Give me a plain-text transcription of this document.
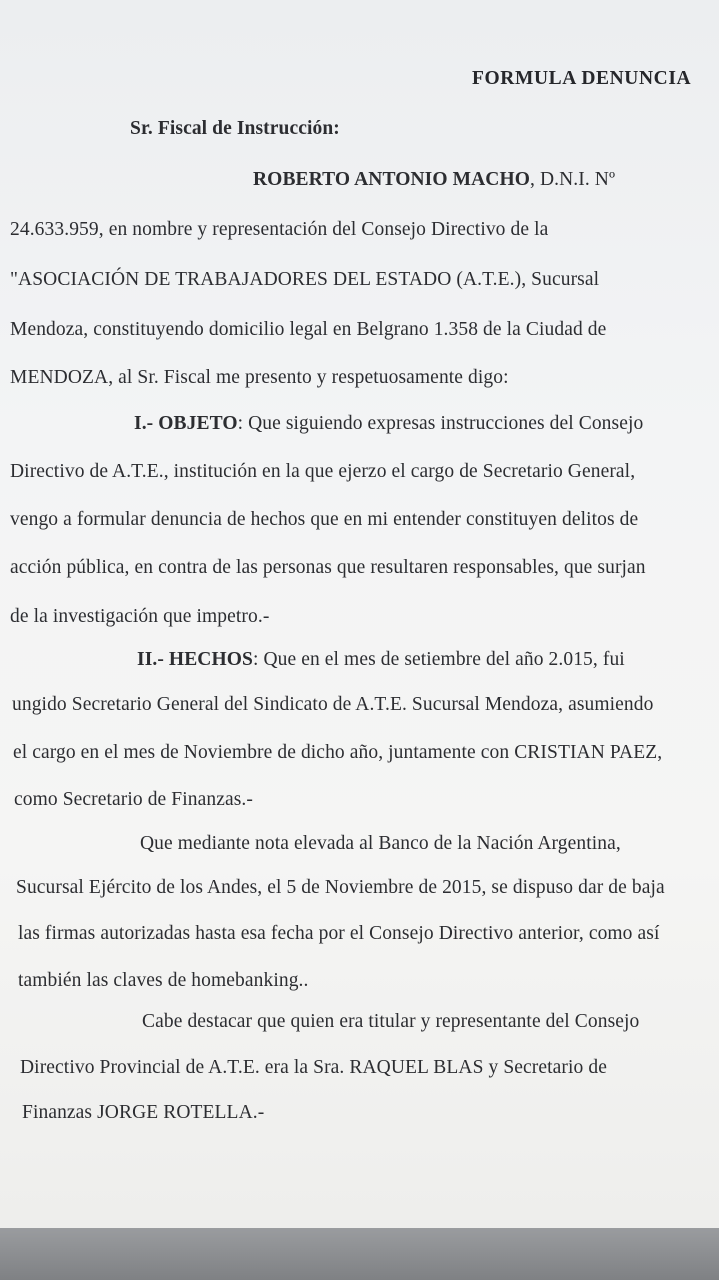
FORMULA DENUNCIA
Sr. Fiscal de Instrucción:
ROBERTO ANTONIO MACHO, D.N.I. Nº
24.633.959, en nombre y representación del Consejo Directivo de la
"ASOCIACIÓN DE TRABAJADORES DEL ESTADO (A.T.E.), Sucursal
Mendoza, constituyendo domicilio legal en Belgrano 1.358 de la Ciudad de
MENDOZA, al Sr. Fiscal me presento y respetuosamente digo:
I.- OBJETO: Que siguiendo expresas instrucciones del Consejo
Directivo de A.T.E., institución en la que ejerzo el cargo de Secretario General,
vengo a formular denuncia de hechos que en mi entender constituyen delitos de
acción pública, en contra de las personas que resultaren responsables, que surjan
de la investigación que impetro.-
II.- HECHOS: Que en el mes de setiembre del año 2.015, fui
ungido Secretario General del Sindicato de A.T.E. Sucursal Mendoza, asumiendo
el cargo en el mes de Noviembre de dicho año, juntamente con CRISTIAN PAEZ,
como Secretario de Finanzas.-
Que mediante nota elevada al Banco de la Nación Argentina,
Sucursal Ejército de los Andes, el 5 de Noviembre de 2015, se dispuso dar de baja
las firmas autorizadas hasta esa fecha por el Consejo Directivo anterior, como así
también las claves de homebanking..
Cabe destacar que quien era titular y representante del Consejo
Directivo Provincial de A.T.E. era la Sra. RAQUEL BLAS y Secretario de
Finanzas JORGE ROTELLA.-
